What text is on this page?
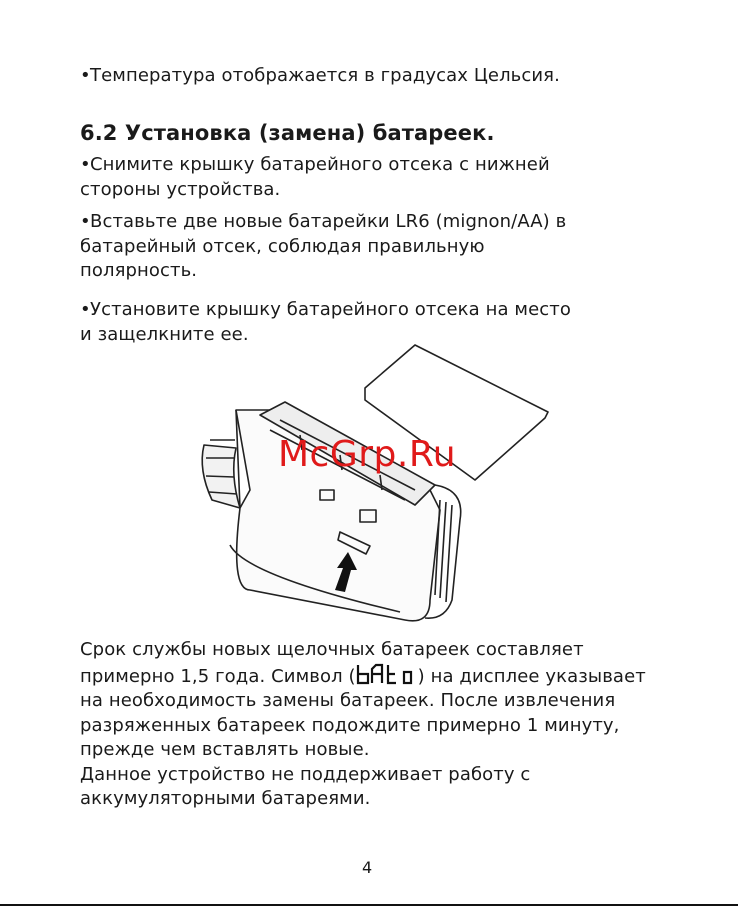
•Температура отображается в градусах Цельсия.

6.2 Установка (замена) батареек.

•Снимите крышку батарейного отсека с нижней
стороны устройства.

•Вставьте две новые батарейки LR6 (mignon/AA) в
батарейный отсек, соблюдая правильную
полярность.

•Установите крышку батарейного отсека на место
и защелкните ее.

McGrp.Ru

Срок службы новых щелочных батареек составляет
примерно 1,5 года. Символ (	) на дисплее указывает
на необходимость замены батареек. После извлечения
разряженных батареек подождите примерно 1 минуту,
прежде чем вставлять новые.
Данное устройство не поддерживает работу с
аккумуляторными батареями.

4
